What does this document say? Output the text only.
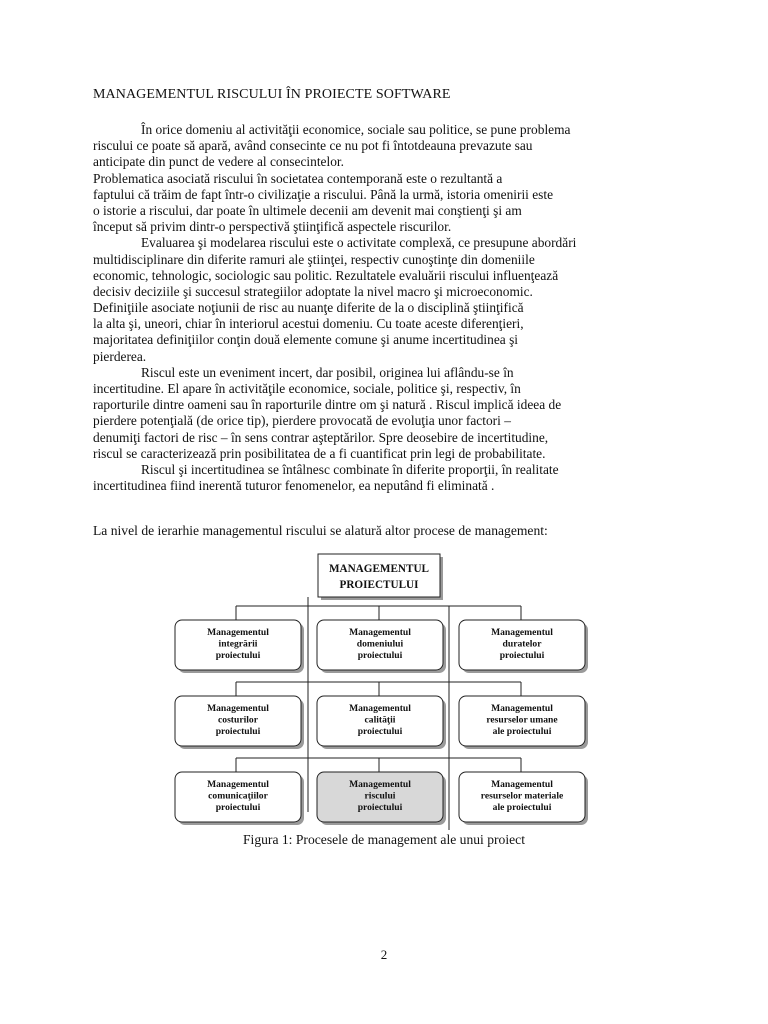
MANAGEMENTUL RISCULUI ÎN PROIECTE SOFTWARE
În orice domeniu al activităţii economice, sociale sau politice, se pune problema
riscului ce poate să apară, având consecinte ce nu pot fi întotdeauna prevazute sau
anticipate din punct de vedere al consecintelor.
Problematica asociată riscului în societatea contemporană este o rezultantă a
faptului că trăim de fapt într-o civilizaţie a riscului. Până la urmă, istoria omenirii este
o istorie a riscului, dar poate în ultimele decenii am devenit mai conştienţi şi am
început să privim dintr-o perspectivă ştiinţifică aspectele riscurilor.
Evaluarea şi modelarea riscului este o activitate complexă, ce presupune abordări
multidisciplinare din diferite ramuri ale ştiinţei, respectiv cunoştinţe din domeniile
economic, tehnologic, sociologic sau politic. Rezultatele evaluării riscului influenţează
decisiv deciziile şi succesul strategiilor adoptate la nivel macro şi microeconomic.
Definiţiile asociate noţiunii de risc au nuanţe diferite de la o disciplină ştiinţifică
la alta şi, uneori, chiar în interiorul acestui domeniu. Cu toate aceste diferenţieri,
majoritatea definiţiilor conţin două elemente comune şi anume incertitudinea şi
pierderea.
Riscul este un eveniment incert, dar posibil, originea lui aflându-se în
incertitudine. El apare în activităţile economice, sociale, politice şi, respectiv, în
raporturile dintre oameni sau în raporturile dintre om şi natură . Riscul implică ideea de
pierdere potenţială (de orice tip), pierdere provocată de evoluţia unor factori –
denumiţi factori de risc – în sens contrar aşteptărilor. Spre deosebire de incertitudine,
riscul se caracterizează prin posibilitatea de a fi cuantificat prin legi de probabilitate.
Riscul şi incertitudinea se întâlnesc combinate în diferite proporţii, în realitate
incertitudinea fiind inerentă tuturor fenomenelor, ea neputând fi eliminată .
La nivel de ierarhie managementul riscului se alatură altor procese de management:
MANAGEMENTUL
PROIECTULUI
Managementul
integrării
proiectului
Managementul
domeniului
proiectului
Managementul
duratelor
proiectului
Managementul
costurilor
proiectului
Managementul
calităţii
proiectului
Managementul
resurselor umane
ale proiectului
Managementul
comunicaţiilor
proiectului
Managementul
riscului
proiectului
Managementul
resurselor materiale
ale proiectului
Figura 1: Procesele de management ale unui proiect
2
